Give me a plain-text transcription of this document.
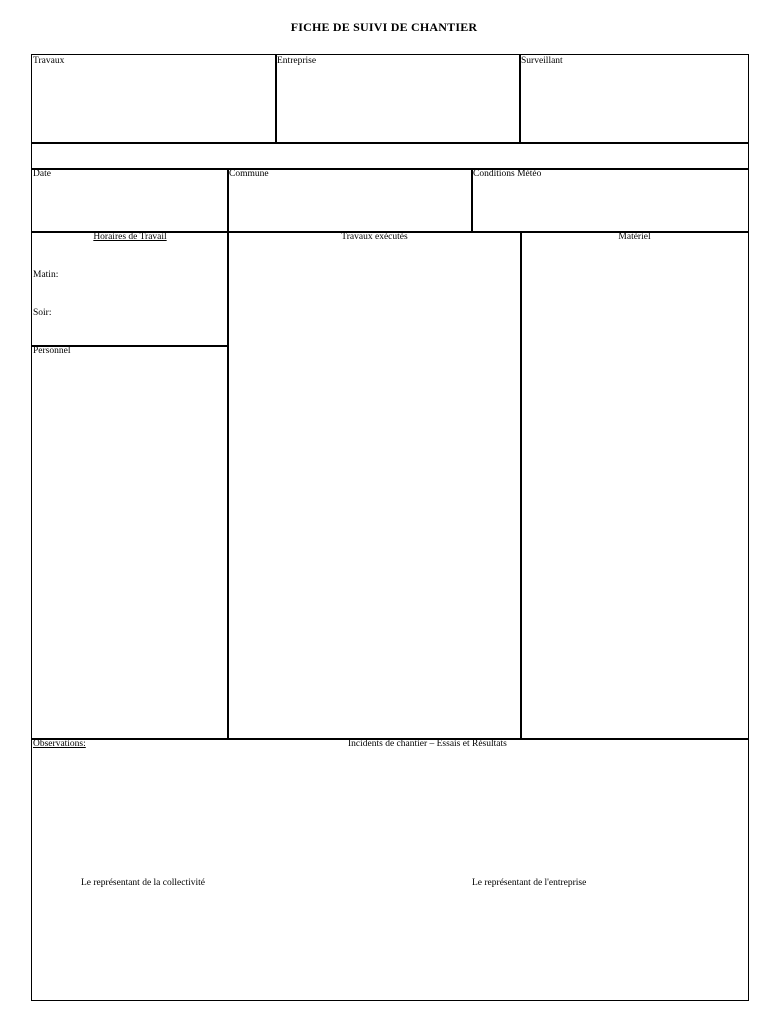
FICHE DE SUIVI DE CHANTIER
Travaux	Entreprise	Surveillant
Date	Commune	Conditions Météo
Horaires de Travail
Matin:
Soir:
Personnel
Travaux exécutés	Matériel
Observations:	Incidents de chantier – Essais et Résultats
Le représentant de la collectivité	Le représentant de l'entreprise
